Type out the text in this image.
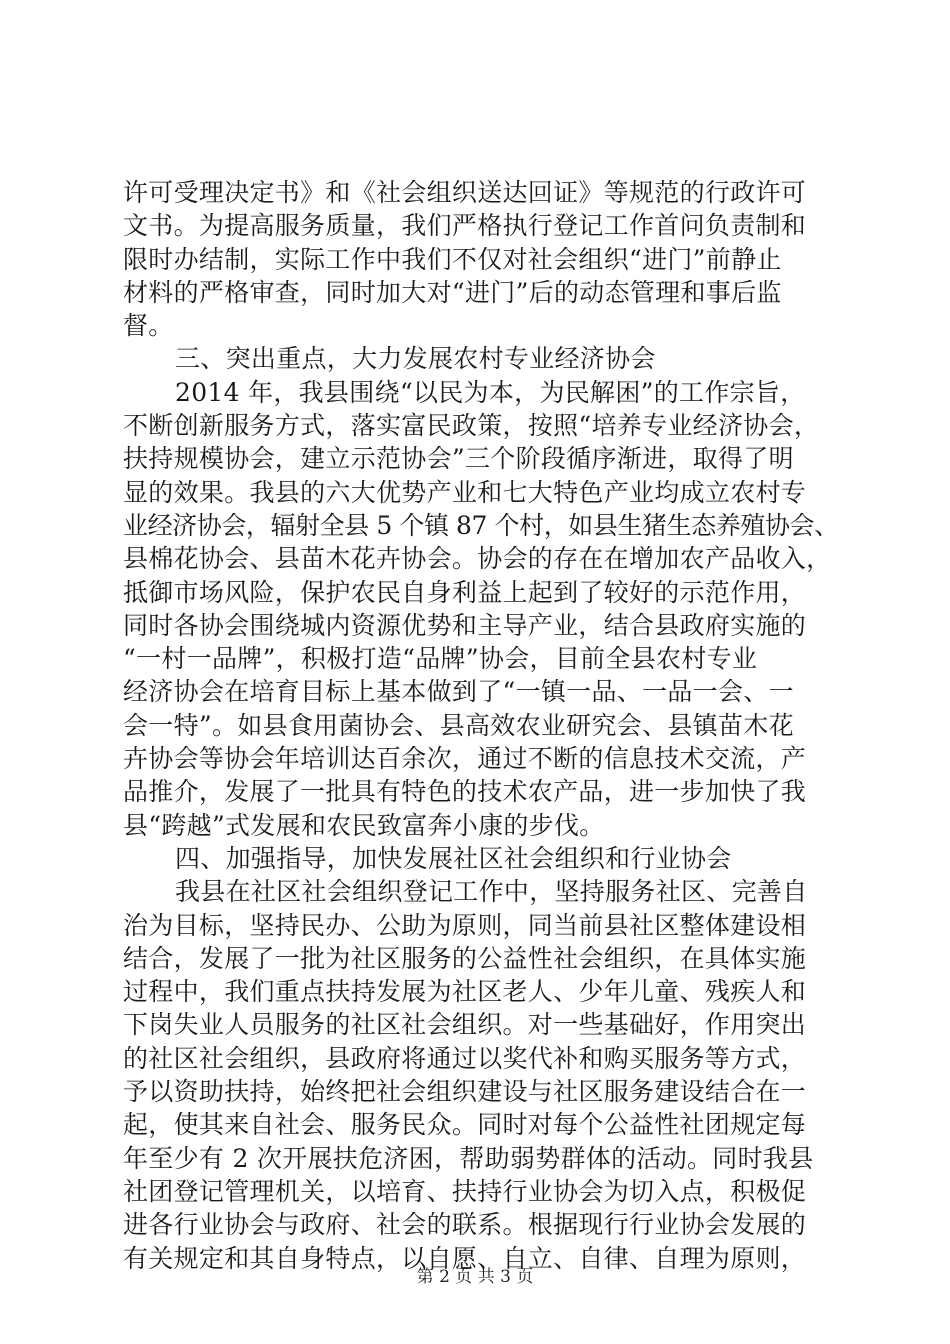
许可受理决定书》和《社会组织送达回证》等规范的行政许可
文书。为提高服务质量，我们严格执行登记工作首问负责制和
限时办结制，实际工作中我们不仅对社会组织“进门”前静止
材料的严格审查，同时加大对“进门”后的动态管理和事后监
督。
三、突出重点，大力发展农村专业经济协会
2014 年，我县围绕“以民为本，为民解困”的工作宗旨，
不断创新服务方式，落实富民政策，按照“培养专业经济协会，
扶持规模协会，建立示范协会”三个阶段循序渐进，取得了明
显的效果。我县的六大优势产业和七大特色产业均成立农村专
业经济协会，辐射全县 5 个镇 87 个村，如县生猪生态养殖协会、
县棉花协会、县苗木花卉协会。协会的存在在增加农产品收入，
抵御市场风险，保护农民自身利益上起到了较好的示范作用，
同时各协会围绕城内资源优势和主导产业，结合县政府实施的
“一村一品牌”，积极打造“品牌”协会，目前全县农村专业
经济协会在培育目标上基本做到了“一镇一品、一品一会、一
会一特”。如县食用菌协会、县高效农业研究会、县镇苗木花
卉协会等协会年培训达百余次，通过不断的信息技术交流，产
品推介，发展了一批具有特色的技术农产品，进一步加快了我
县“跨越”式发展和农民致富奔小康的步伐。
四、加强指导，加快发展社区社会组织和行业协会
我县在社区社会组织登记工作中，坚持服务社区、完善自
治为目标，坚持民办、公助为原则，同当前县社区整体建设相
结合，发展了一批为社区服务的公益性社会组织，在具体实施
过程中，我们重点扶持发展为社区老人、少年儿童、残疾人和
下岗失业人员服务的社区社会组织。对一些基础好，作用突出
的社区社会组织，县政府将通过以奖代补和购买服务等方式，
予以资助扶持，始终把社会组织建设与社区服务建设结合在一
起，使其来自社会、服务民众。同时对每个公益性社团规定每
年至少有 2 次开展扶危济困，帮助弱势群体的活动。同时我县
社团登记管理机关，以培育、扶持行业协会为切入点，积极促
进各行业协会与政府、社会的联系。根据现行行业协会发展的
有关规定和其自身特点，以自愿、自立、自律、自理为原则，
第 2 页 共 3 页
